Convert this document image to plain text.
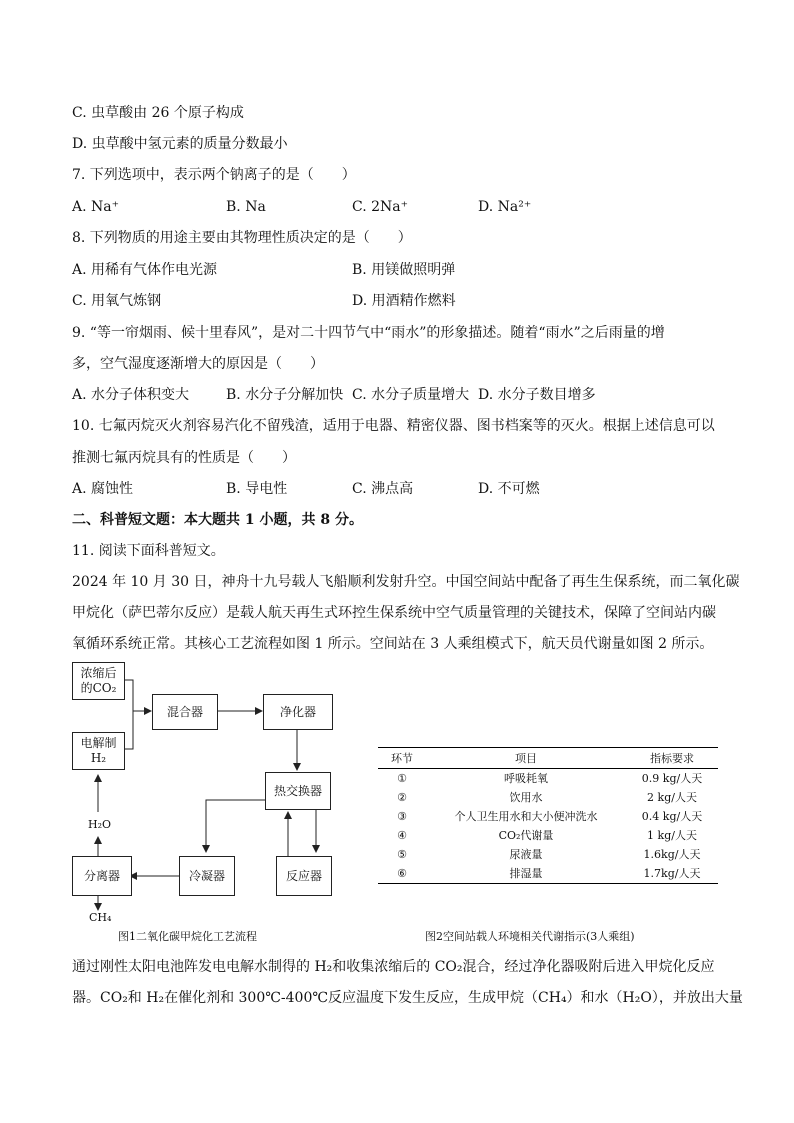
C. 虫草酸由 26 个原子构成
D. 虫草酸中氢元素的质量分数最小
7. 下列选项中，表示两个钠离子的是（　　）
A. Na⁺	B. Na	C. 2Na⁺	D. Na²⁺
8. 下列物质的用途主要由其物理性质决定的是（　　）
A. 用稀有气体作电光源	B. 用镁做照明弹
C. 用氧气炼钢	D. 用酒精作燃料
9. “等一帘烟雨、候十里春风”，是对二十四节气中“雨水”的形象描述。随着“雨水”之后雨量的增
多，空气湿度逐渐增大的原因是（　　）
A. 水分子体积变大	B. 水分子分解加快 C. 水分子质量增大 D. 水分子数目增多
10. 七氟丙烷灭火剂容易汽化不留残渣，适用于电器、精密仪器、图书档案等的灭火。根据上述信息可以
推测七氟丙烷具有的性质是（　　）
A. 腐蚀性	B. 导电性	C. 沸点高	D. 不可燃
二、科普短文题：本大题共 1 小题，共 8 分。
11. 阅读下面科普短文。
2024 年 10 月 30 日，神舟十九号载人飞船顺利发射升空。中国空间站中配备了再生生保系统，而二氧化碳
甲烷化（萨巴蒂尔反应）是载人航天再生式环控生保系统中空气质量管理的关键技术，保障了空间站内碳
氧循环系统正常。其核心工艺流程如图 1 所示。空间站在 3 人乘组模式下，航天员代谢量如图 2 所示。
浓缩后
的CO₂
电解制
H₂
混合器	净化器
热交换器
分离器	冷凝器	反应器
H₂O
CH₄
图1二氧化碳甲烷化工艺流程
环节	项目	指标要求
①	呼吸耗氧	0.9 kg/人天
②	饮用水	2 kg/人天
③	个人卫生用水和大小便冲洗水	0.4 kg/人天
④	CO₂代谢量	1 kg/人天
⑤	尿液量	1.6kg/人天
⑥	排湿量	1.7kg/人天
图2空间站载人环境相关代谢指示(3人乘组)
通过刚性太阳电池阵发电电解水制得的 H₂和收集浓缩后的 CO₂混合，经过净化器吸附后进入甲烷化反应
器。CO₂和 H₂在催化剂和 300℃-400℃反应温度下发生反应，生成甲烷（CH₄）和水（H₂O），并放出大量
